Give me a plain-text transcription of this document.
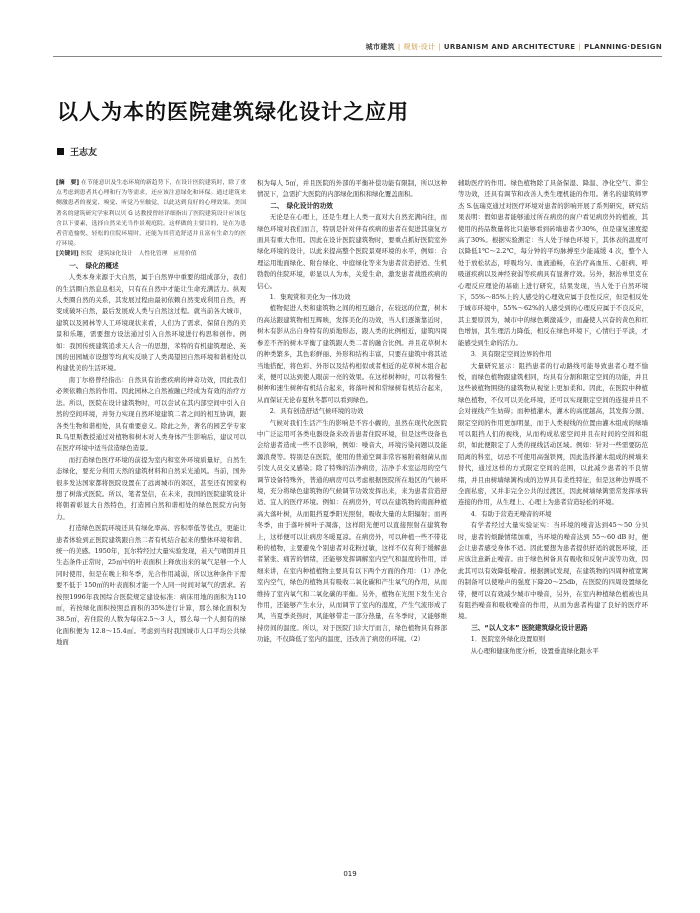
城市建筑 | 规划·设计 | URBANISM AND ARCHITECTURE | PLANNING·DESIGN
以人为本的医院建筑绿化设计之应用
王志友

[摘　要] 在节能意识及生态环境的新趋势下，在设计医院建筑时，除了重点考虑到患者其心理和行为等需求，还应该注意绿化和环保。通过建筑来侧激患者的视觉、嗅觉、听觉乃至触觉，以此达到良好的心理效果。美国著名的建筑研究学家利以贝 G 达教授曾经详细指出了医院建筑设计应该包含以下要素，选择自然采光当作景观庭院。这样做的主要目的，是在为患者营造愉悦、轻松的住院环境时，还能为其营造舒适并且富有生命力的医疗环境。

[关键词] 医院　建筑绿化设计　人性化管理　应用价值

一、　绿化的概述

人类本身来源于大自然，属于自然界中重要的组成部分，我们的生活圈自然息息相关，只有在自然中才能让生命充满活力。纵观人类圈自然的关系，其发展过程由最初依赖自然变成利用自然，再变成破坏自然，最后发展成人类与自然这过程。就当前各大城市，建筑以及园林等人工环境现状来看，人们为了需求、保留自然的美景和乐趣，需要想方设法通过引入自然环境进行构思和创作。例如：我国传统建筑追求天人合一的思想，苯特的有机建筑理论、英国的田园城市设想等均真实反映了人类渴望回自然环境和谐相处以构建优美的生活环境。

南丁尔格曾经指出：自然具有治愈疾病的神奇功效，因此我们必须依赖自然的作用。因此园林之自然被融已经成为有效的治疗方法。所以，医院在设计建筑物时，可以尝试在其内部空间中引入自然的空间环境，并努力实现自然环境建筑二者之间的相互协调，跟各类生物和谐相处，具有重要意义。除此之外，著名的园艺学专家 R.乌里斯教授通过对植物和树木对人类身体产生影响后，建议可以在医疗环境中适当营造绿色造景。

而打造绿色医疗环境的前提为室内和室外环境质量好，自然生态绿化，要充分利用天然的建筑材料和自然采光通风。当前，国外很多发达国家都将医院设置在了远离城市的郊区，甚至还有国家构想了树落式医院。所以，笔者坚信，在未来，我国的医院建筑设计将朝着彰显大自然特色，打造园自然和谐相处的绿色医院方向努力。

打造绿色医院环境还具有绿化率高、容积率低等优点，更能让患者体验到正医院建筑跟自然二者有机结合起来的整体环境和谐、统一的美感。1950年，瓦尔特经过大量实验发现，若天气晴朗并且生态条件正常时，25㎡中的叶表面积上释放出来的氧气足够一个人同时使用，但是在晚上和冬季，光合作用减弱，所以这种条件下需要不低于 150㎡的叶表面积才能一个人同一时间对氧气的需求。若按照1996年我国综合医院规定建设标准：病床用地的面积为110㎡，若按绿化面积按照总面积的35%进行计算，那么绿化面积为38.5㎡，若住院的人数为每床2.5～3 人，那么每一个人拥有的绿化面积便为 12.8～15.4㎡。考虑到当时我国城市人口平均公共绿地面

积为每人 5㎡，并且医院的外部的平衡补偿功能有限制，所以这种情况下，急需扩大医院的内部绿化面积和绿化覆盖面积。

二、　绿化设计的功效

无论是在心理上，还是生理上人类一直对大自然充满向往，而绿色环境对我们而言，特别是针对伴有疾病的患者在促进其康复方面具有重大作用。因此在设计医院建筑物时，要重点抓好医院室外绿化环境的设计，以此来提高整个医院景观环境的水平，例如：合理运用地面绿化、附台绿化、中庭绿化等来为患者营造舒适、生机勃勃的住院环境，彰显以人为本，关爱生命，激发患者战胜疾病的信心。

1．集观赏和美化为一体功效

植物促进人类和建筑物之间的相互融合，在较远的位置，树木的高达跟建筑物相互辉映，发挥美化的功效，当人们逐渐靠近时，树木有影从出自身特有的质地形态，跟人类的比例相近，建筑四周参差不齐的树木平衡了建筑跟人类二者的融合比例。并且花草树木的种类繁多，其色彩鲜丽、外形和结构丰富，只要在建筑中将其适当地搭配，将色彩、外形以及结构相似或者相近的花草树木组合起来，便可以达到使人眼前一亮的效果。在这样树种时，可以将慢生树种和速生树种有机结合起来，将落叶树和常绿树有机结合起来，从而保证无论春夏秋冬都可以看到绿色。

2．具有创造舒适气候环境的功效

气候对我们生活产生的影响是不容小觑的，虽然在现代化医院中广泛运用可各类电器设备来改善患者住院环境，但是这些设备也会给患者造成一些不良影响，例如：噪音大，环境污染问题以及能源浪费等。特别是在医院，使用的普通空调非常容易附着细菌从而引发人员交叉感染；除了特殊的洁净病房，洁净手术室运用的空气调节设备特殊外，普通的病房可以考虑根据医院所在地区的气候环境，充分将绿色建筑物的气候调节功效发挥出来，来为患者营造舒适、宜人的医疗环境。例如：在病房外，可以在建筑物的南面种植高大落叶树，从而阻挡夏季阳光照射，吸收大量的太阳辐射；而再冬季，由于落叶树叶子凋落，这样阳光便可以直接照射在建筑物上，这样便可以让病房冬暖夏凉。在病房外，可以种植一些不带花粉的植物，主要避免个别患者对花粉过敏，这样不仅有利于缓解患者紧张、痛苦的情绪，还能够发挥调解室内空气和温度的作用，详细来讲，在室内种植植物主要具有以下两个方面的作用：（1）净化室内空气，绿色的植物具有吸收二氧化碳和产生氧气的作用，从而维持了室内氧气和二氧化碳的平衡。另外，植物在光照下发生光合作用，还能够产生水分，从而调节了室内的湿度，产生气流形成了风，当夏季炎热时，风能够带走一部分热量，在冬季时，又能够维持房间的温度。所以，对于医院门诊大厅而言，绿色植物具有释部功能，不仅降低了室内的温度，还改善了病房的环境。（2）

辅助医疗的作用。绿色植物除了具备保湿、降温、净化空气、滞尘等功效，还具有调节和改善人类生理机能的作用。著名的建筑师罗杰 S.伍瑞克通过对医疗环境对患者的影响开展了系列研究，研究结果表明：假如患者能够通过所在病房的窗户看见病房外的植被，其使用的药品数量将比只能够看到砖墙患者少30%，但是康复速度提高了30%。根据实验测定：当人处于绿色环境下，其体表的温度可以降低1℃～2.2℃，每分钟的平均脉搏至少能减缓 4 次，整个人处于放松状态，呼吸均匀、血液通畅，在治疗高血压、心脏病、呼吸道疾病以及神经衰弱等疾病具有显著疗效。另外，据治单里克在心理反应理论的基础上进行研究，结果发现，当人处于自然环境下，55%～85%上的人感受的心理效应属于良性反应，但是相反处于城市环境中，55%～62%的人感受到的心理反应属于不良反应，其主要原因为，城市中的绿色刺激减少，而矗使人兴奋的黄色和红色增加，其生理活力降低，相反在绿色环境下，心情归于平淡，才能感受到生命的活力。

3．具有限定空间边界的作用

大量研究显示：阻挡患者的行动路线可能导致患者心理不愉悦，而绿色植物跟建筑相同，均具有分割和限定空间的功能，并且这些被植物围绕的建筑物从视觉上更加柔和。因此，在医院中种植绿色植物，不仅可以美化环境，还可以实现限定空间的连接并且不会对视线产生妨碍；而种植灌木，灌木的高度越高，其发挥分割、限定空间的作用更加明显，而于人类视线的位置由灌木组成的绿墙可以阻挡人们的视线，从而构成私密空间并且在时间的空间和组织，如此便限定了人类的视线活动区域。例如：针对一些需要防范陌离的科室，切忌不可使用高强铁网，因此选择灌木组成的树墙来替代，通过这样的方式限定空间的范围，以此减少患者的不良情绪，并且由树墙绿篱构成的边界具有柔性特征，但是这种边界既不全面私密，又并非完全公共的过渡区，因此树墙绿篱需常发挥承转连接的作用，从生理上、心理上为患者营造轻松的环境。

4．有助于营造无噪音的环境

有学者经过大量实验证实：当环境的噪音达到45～50 分贝时，患者的烦躁情绪加重，当环境的噪音达到 55～60 dB 时，便会让患者感受身体不适。因此要想为患者提供舒适的就医环境，还应该注意新止噪音。由于绿色树备具有吸收和反射声波等功效，因此其可以有效降低噪音。根据测试发现，在建筑物的四周种植宽篱的制备可以使噪声的强度下降20～25db，在医院的四周设置绿化带，便可以有效减少城市中噪音，另外，在室内种植绿色植被也具有阻挡噪音和吸收噪音的作用，从而为患者构建了良好的医疗环境。

三、“以人文本” 医院建筑绿化设计思路

1．医院室外绿化设置原则

从心理和健康角度分析，设置垂直绿化跟水平

019
